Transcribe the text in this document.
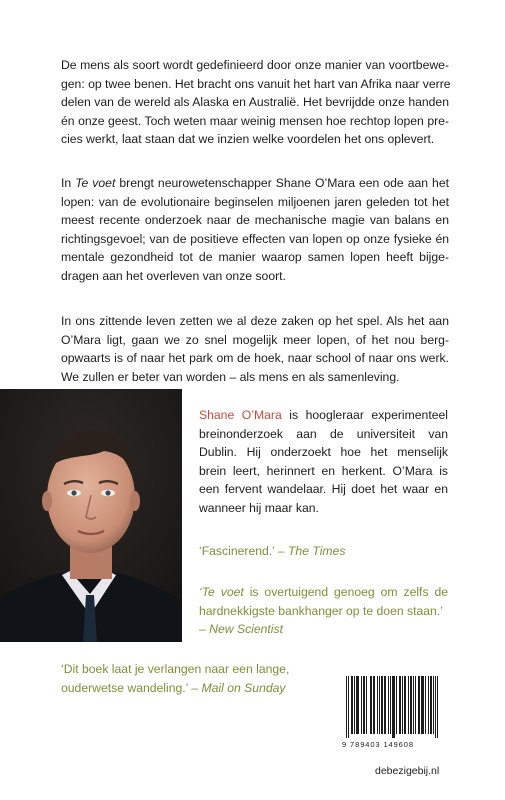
De mens als soort wordt gedefinieerd door onze manier van voortbewe-
gen: op twee benen. Het bracht ons vanuit het hart van Afrika naar verre
delen van de wereld als Alaska en Australië. Het bevrijdde onze handen
én onze geest. Toch weten maar weinig mensen hoe rechtop lopen pre-
cies werkt, laat staan dat we inzien welke voordelen het ons oplevert.

In Te voet brengt neurowetenschapper Shane O’Mara een ode aan het
lopen: van de evolutionaire beginselen miljoenen jaren geleden tot het
meest recente onderzoek naar de mechanische magie van balans en
richtingsgevoel; van de positieve effecten van lopen op onze fysieke én
mentale gezondheid tot de manier waarop samen lopen heeft bijge-
dragen aan het overleven van onze soort.

In ons zittende leven zetten we al deze zaken op het spel. Als het aan
O’Mara ligt, gaan we zo snel mogelijk meer lopen, of het nou berg-
opwaarts is of naar het park om de hoek, naar school of naar ons werk.
We zullen er beter van worden – als mens en als samenleving.

Shane O’Mara is hoogleraar experimenteel
breinonderzoek aan de universiteit van
Dublin. Hij onderzoekt hoe het menselijk
brein leert, herinnert en herkent. O’Mara is
een fervent wandelaar. Hij doet het waar en
wanneer hij maar kan.
‘Fascinerend.’ – The Times
‘Te voet is overtuigend genoeg om zelfs de
hardnekkigste bankhanger op te doen staan.’
– New Scientist
‘Dit boek laat je verlangen naar een lange,
ouderwetse wandeling.’ – Mail on Sunday
9 789403 149608
debezigebij.nl
